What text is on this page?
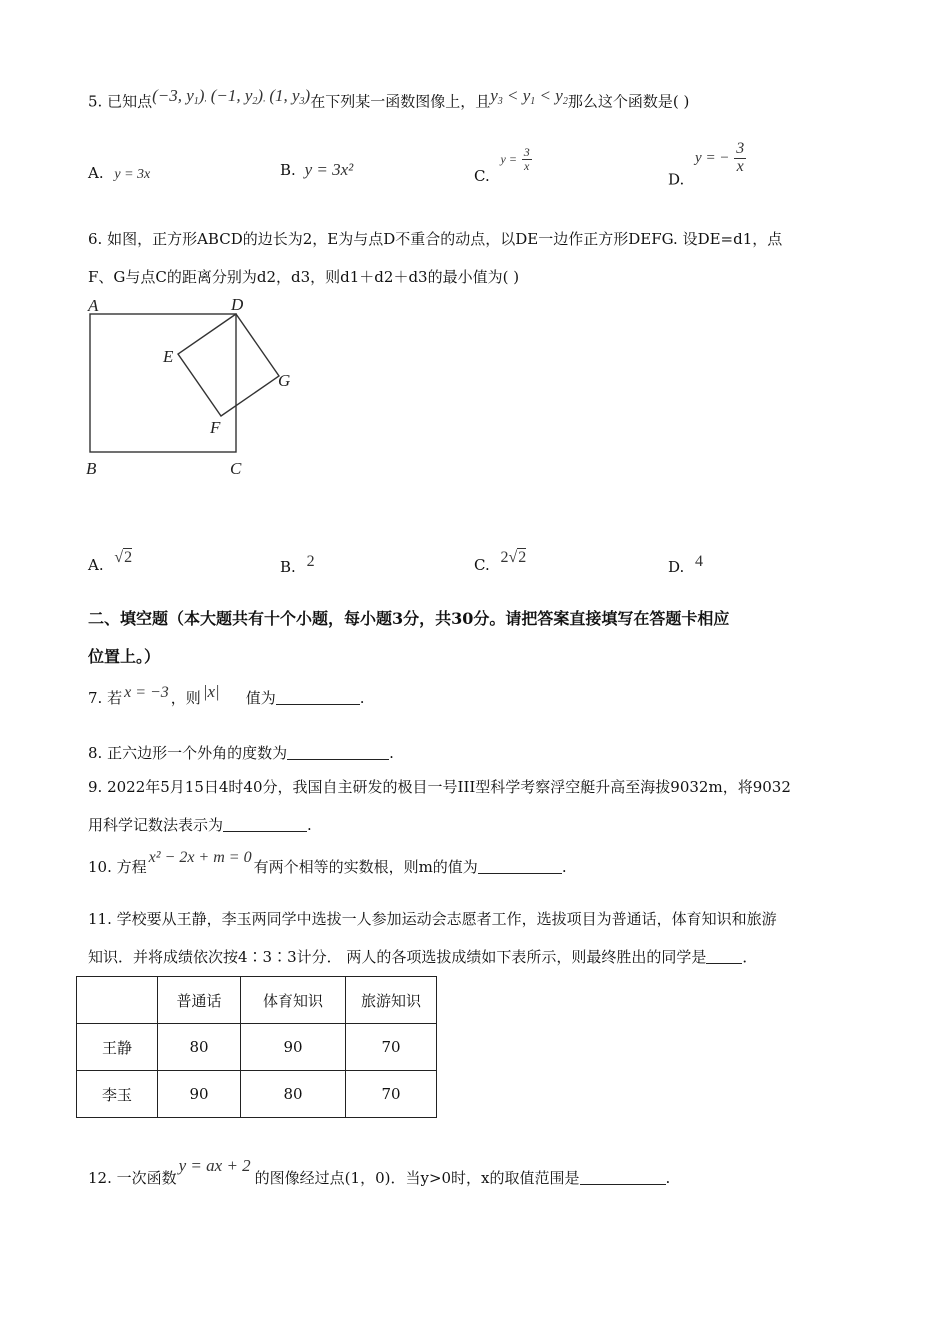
5. 已知点(−3, $y_1$), (−1, $y_2$), (1, $y_3$)在下列某一函数图像上，且$y_3 < y_1 < y_2$那么这个函数是( )
A. y = 3x	B. y = 3x²	C. $y = \frac{3}{x}$
D. y = − $\frac{3}{x}$
6. 如图，正方形ABCD的边长为2，E为与点D不重合的动点，以DE一边作正方形DEFG. 设DE=d1，点
F、G与点C的距离分别为d2，d3，则d1＋d2＋d3的最小值为( )
A	D
E
G
F
B	C
A. √2
B. 2	C. 2√2
D. 4
二、填空题（本大题共有十个小题，每小题3分，共30分。请把答案直接填写在答题卡相应
位置上。）
7. 若 x = −3 ，则 |x| 值为	.
8. 正六边形一个外角的度数为	.
9. 2022年5月15日4时40分，我国自主研发的极目一号III型科学考察浮空艇升高至海拔9032m，将9032
用科学记数法表示为	.
10. 方程x² − 2x + m = 0有两个相等的实数根，则m的值为	.
11. 学校要从王静，李玉两同学中选拔一人参加运动会志愿者工作，选拔项目为普通话，体育知识和旅游
知识．并将成绩依次按4∶3∶3计分． 两人的各项选拔成绩如下表所示，则最终胜出的同学是 ．
	普通话	体育知识	旅游知识
王静	80	90	70
李玉	90	80	70
12. 一次函数y = ax + 2的图像经过点(1，0)．当y>0时，x的取值范围是	.
